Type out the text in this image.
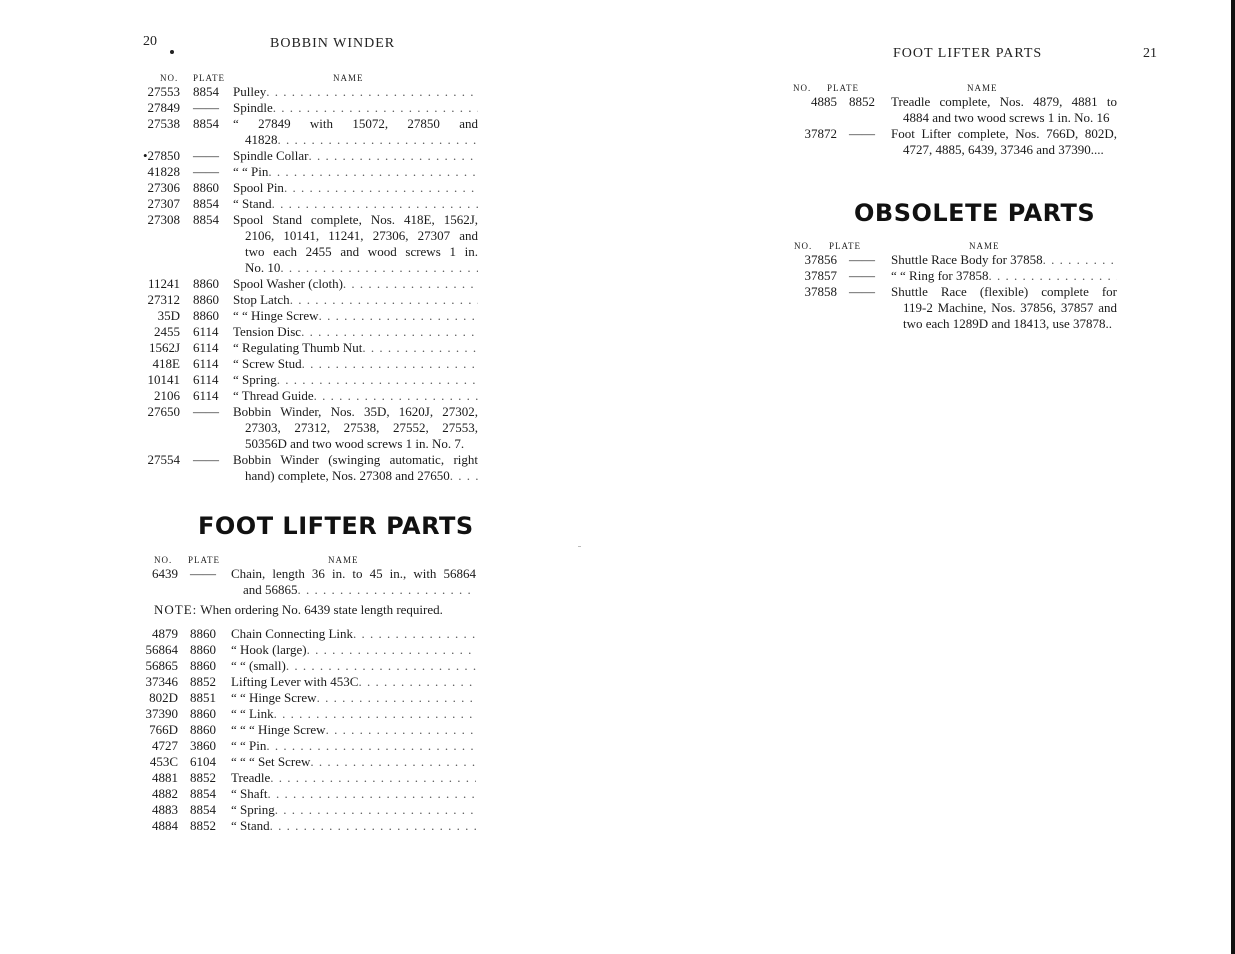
20	BOBBIN WINDER
NO. PLATE	NAME
27553 8854 Pulley
. . .
27849 —— Spindle
. . .
27538 8854 “ 27849 with 15072, 27850 and
41828
. . .
•27850 —— Spindle Collar
. . .
41828 —— “ “ Pin
. . .
27306 8860 Spool Pin
. . .
27307 8854 “ Stand
. . .
27308 8854 Spool Stand complete, Nos. 418E, 1562J,
2106, 10141, 11241, 27306, 27307 and
two each 2455 and wood screws 1 in.
No. 10
. . .
11241 8860 Spool Washer (cloth)
. . .
27312 8860 Stop Latch
. . .
35D 8860 “ “ Hinge Screw
. . .
2455 6114 Tension Disc
. . .
1562J 6114 “ Regulating Thumb Nut
. . .
418E 6114 “ Screw Stud
. . .
10141 6114 “ Spring
. . .
2106 6114 “ Thread Guide
. . .
27650 —— Bobbin Winder, Nos. 35D, 1620J, 27302,
27303, 27312, 27538, 27552, 27553,
50356D and two wood screws 1 in. No. 7.
27554 —— Bobbin Winder (swinging automatic, right
hand) complete, Nos. 27308 and 27650
. . .
FOOT LIFTER PARTS
NO. PLATE	NAME
6439 —— Chain, length 36 in. to 45 in., with 56864
and 56865
. . .
NOTE: When ordering No. 6439 state length required.
4879 8860 Chain Connecting Link
. . .
56864 8860 “ Hook (large)
. . .
56865 8860 “ “ (small)
. . .
37346 8852 Lifting Lever with 453C
. . .
802D 8851 “ “ Hinge Screw
. . .
37390 8860 “ “ Link
. . .
766D 8860 “ “ “ Hinge Screw
. . .
4727 3860 “ “ Pin
. . .
453C 6104 “ “ “ Set Screw
. . .
4881 8852 Treadle
. . .
4882 8854 “ Shaft
. . .
4883 8854 “ Spring
. . .
4884 8852 “ Stand
. . .
FOOT LIFTER PARTS	21
NO. PLATE	NAME
4885 8852 Treadle complete, Nos. 4879, 4881 to
4884 and two wood screws 1 in. No. 16
37872 —— Foot Lifter complete, Nos. 766D, 802D,
4727, 4885, 6439, 37346 and 37390....
OBSOLETE PARTS
NO. PLATE	NAME
37856 —— Shuttle Race Body for 37858
. . .
37857 —— “ “ Ring for 37858
. . .
37858 —— Shuttle Race (flexible) complete for
119-2 Machine, Nos. 37856, 37857 and
two each 1289D and 18413, use 37878..
